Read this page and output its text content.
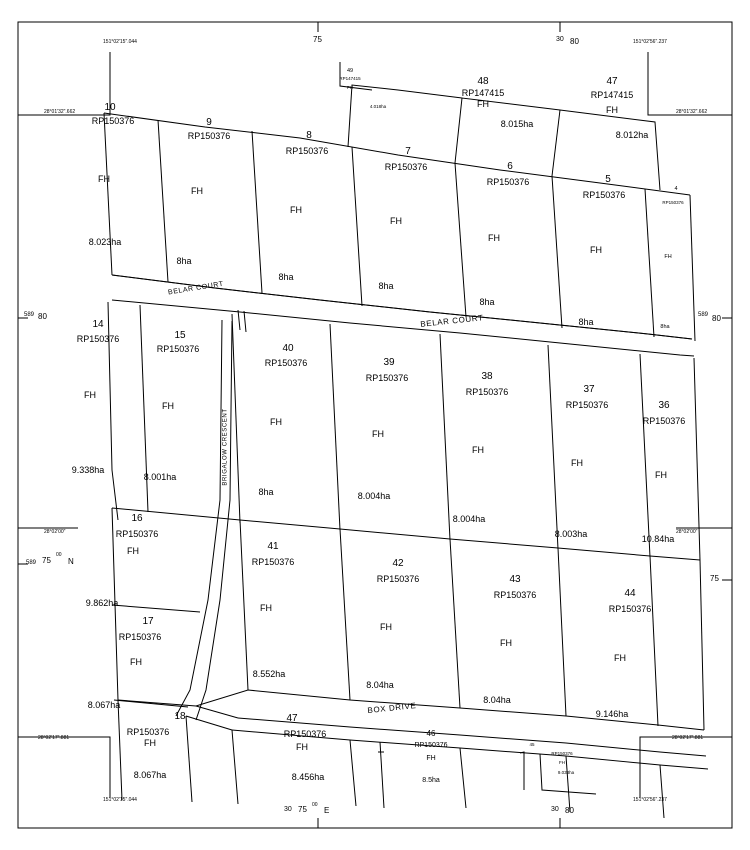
151°02'15".044	151°02'56".237
151°02'15".044	151°02'56".237
28°01'32".662	28°01'32".662
28°02'00"	28°02'00"
28°02'17".881	28°02'17".881
75	30 80
589 80	589 80
589 75
00
N
75
30 80
30 75 00
E
BELAR COURT
BELAR COURT
BRIGALOW CRESCENT
BOX DRIVE
48
RP147415
FH
8.015ha
47
RP147415
FH
8.012ha
49
RP147415
FH
4.018ha
10
RP150376
FH
8.023ha
9
RP150376
FH
8ha
8
RP150376
FH
8ha
7
RP150376
FH
8ha
6
RP150376
FH
8ha
5
RP150376
FH
8ha
4
RP150376
FH
8ha
14
RP150376
FH
9.338ha
15
RP150376
FH
8.001ha
40
RP150376
FH
8ha
39
RP150376
FH
8.004ha
38
RP150376
FH
8.004ha
37
RP150376
FH
8.003ha
36
RP150376
FH
10.84ha
16
RP150376
FH
9.862ha
41
RP150376
FH
8.552ha
42
RP150376
FH
8.04ha
43
RP150376
FH
8.04ha
44
RP150376
FH
9.146ha
17
RP150376
FH
8.067ha
18
RP150376
FH
8.067ha
47
RP150376
FH
8.456ha
46
RP150376
FH
8.5ha
45
RP150376
FH
9.033ha
